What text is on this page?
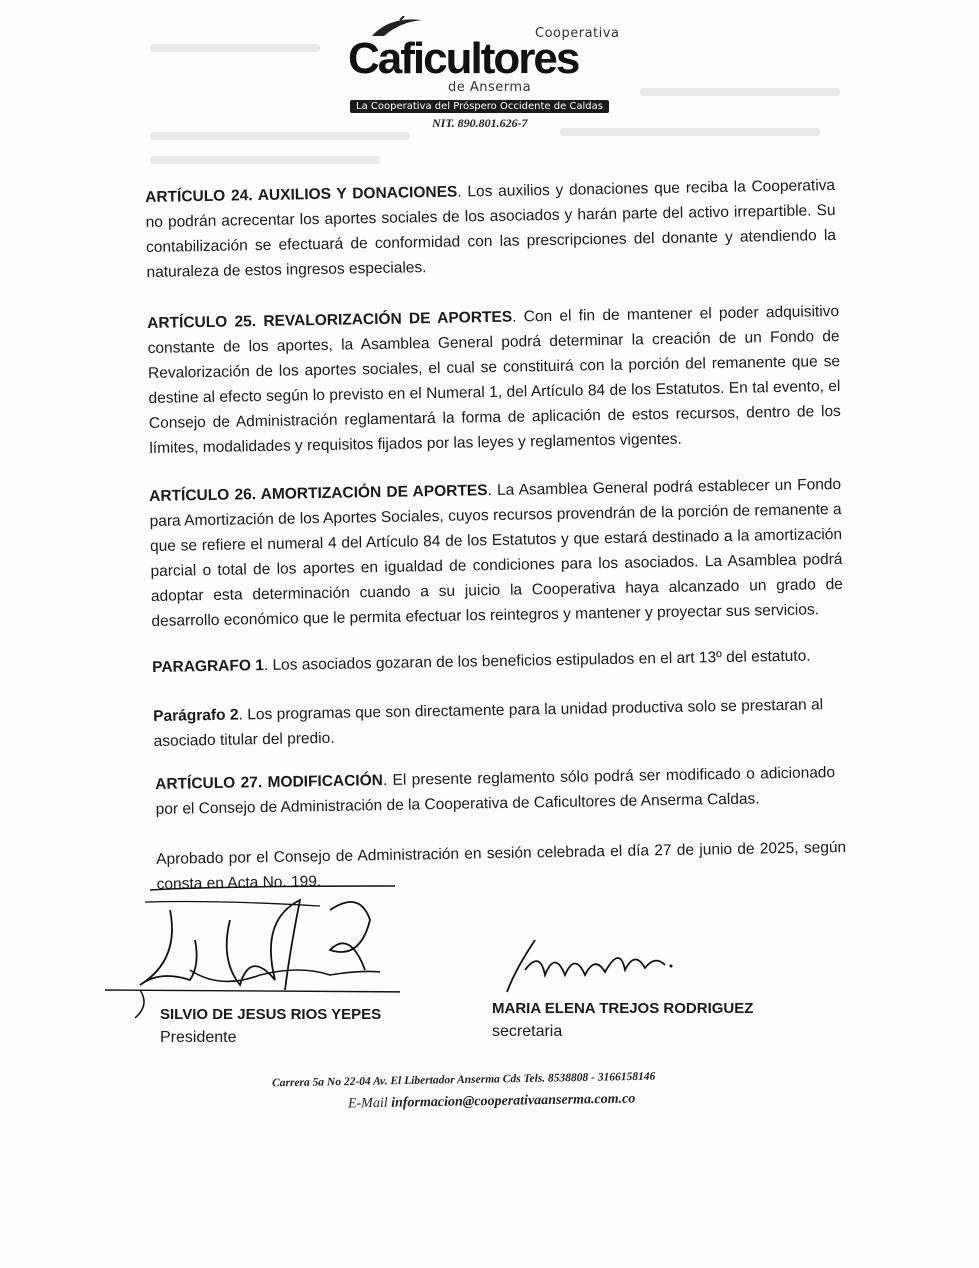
Cooperativa
Caficultores
de Anserma
La Cooperativa del Próspero Occidente de Caldas
NIT. 890.801.626-7
ARTÍCULO 24. AUXILIOS Y DONACIONES. Los auxilios y donaciones que reciba la Cooperativa no podrán acrecentar los aportes sociales de los asociados y harán parte del activo irrepartible. Su contabilización se efectuará de conformidad con las prescripciones del donante y atendiendo la naturaleza de estos ingresos especiales.
ARTÍCULO 25. REVALORIZACIÓN DE APORTES. Con el fin de mantener el poder adquisitivo constante de los aportes, la Asamblea General podrá determinar la creación de un Fondo de Revalorización de los aportes sociales, el cual se constituirá con la porción del remanente que se destine al efecto según lo previsto en el Numeral 1, del Artículo 84 de los Estatutos. En tal evento, el Consejo de Administración reglamentará la forma de aplicación de estos recursos, dentro de los límites, modalidades y requisitos fijados por las leyes y reglamentos vigentes.
ARTÍCULO 26. AMORTIZACIÓN DE APORTES. La Asamblea General podrá establecer un Fondo para Amortización de los Aportes Sociales, cuyos recursos provendrán de la porción de remanente a que se refiere el numeral 4 del Artículo 84 de los Estatutos y que estará destinado a la amortización parcial o total de los aportes en igualdad de condiciones para los asociados. La Asamblea podrá adoptar esta determinación cuando a su juicio la Cooperativa haya alcanzado un grado de desarrollo económico que le permita efectuar los reintegros y mantener y proyectar sus servicios.
PARAGRAFO 1. Los asociados gozaran de los beneficios estipulados en el art 13º del estatuto.
Parágrafo 2. Los programas que son directamente para la unidad productiva solo se prestaran al asociado titular del predio.
ARTÍCULO 27. MODIFICACIÓN. El presente reglamento sólo podrá ser modificado o adicionado por el Consejo de Administración de la Cooperativa de Caficultores de Anserma Caldas.
Aprobado por el Consejo de Administración en sesión celebrada el día 27 de junio de 2025, según consta en Acta No. 199.
SILVIO DE JESUS RIOS YEPES
Presidente
MARIA ELENA TREJOS RODRIGUEZ
secretaria
Carrera 5a No 22-04 Av. El Libertador Anserma Cds Tels. 8538808 - 3166158146
E-Mail informacion@cooperativaanserma.com.co
